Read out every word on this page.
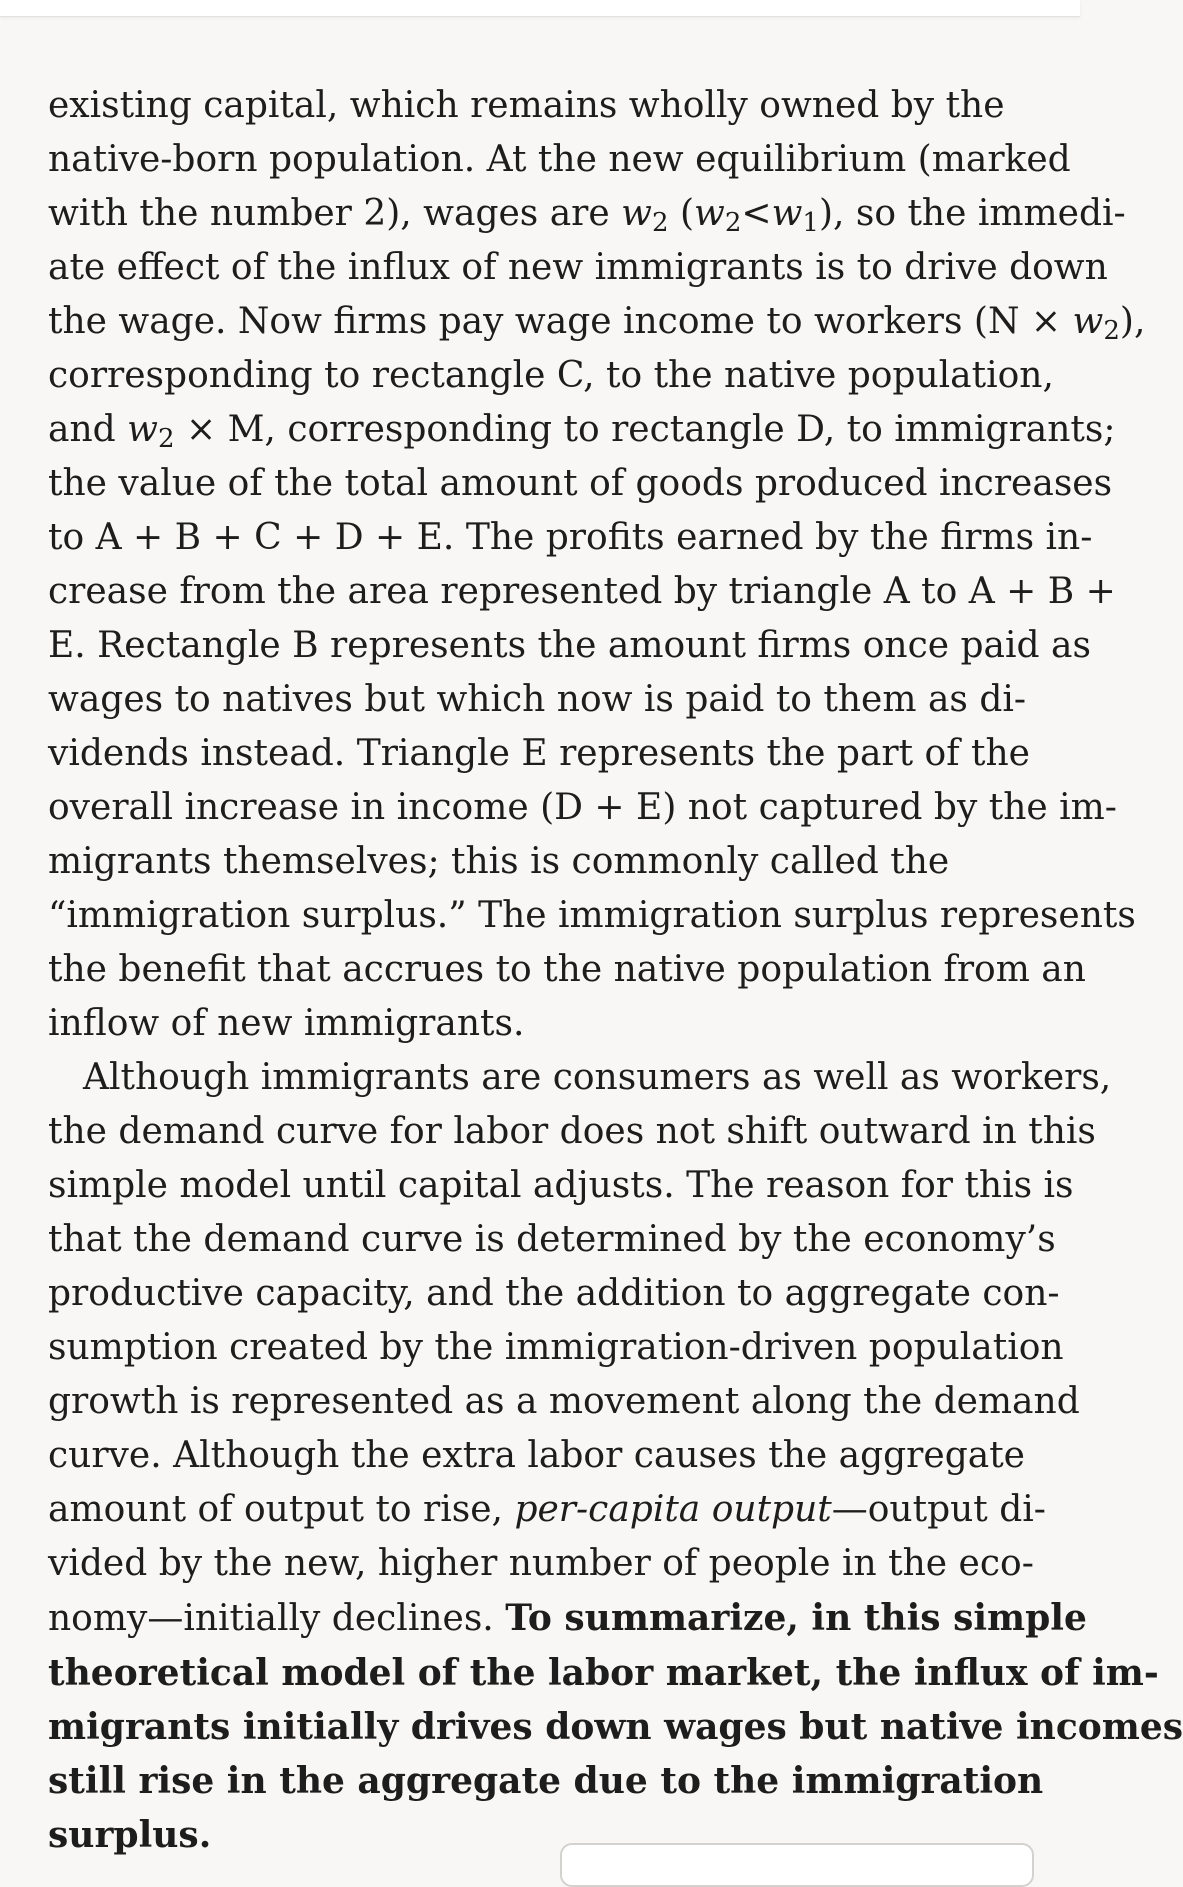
existing capital, which remains wholly owned by the
native-born population. At the new equilibrium (marked
with the number 2), wages are $w_2$ $(w_2<w_1)$, so the immedi-
ate effect of the influx of new immigrants is to drive down
the wage. Now firms pay wage income to workers $(N \times w_2)$,
corresponding to rectangle C, to the native population,
and $w_2 \times M$, corresponding to rectangle D, to immigrants;
the value of the total amount of goods produced increases
to A + B + C + D + E. The profits earned by the firms in-
crease from the area represented by triangle A to A + B +
E. Rectangle B represents the amount firms once paid as
wages to natives but which now is paid to them as di-
vidends instead. Triangle E represents the part of the
overall increase in income (D + E) not captured by the im-
migrants themselves; this is commonly called the
“immigration surplus.” The immigration surplus represents
the benefit that accrues to the native population from an
inflow of new immigrants.

Although immigrants are consumers as well as workers,
the demand curve for labor does not shift outward in this
simple model until capital adjusts. The reason for this is
that the demand curve is determined by the economy’s
productive capacity, and the addition to aggregate con-
sumption created by the immigration-driven population
growth is represented as a movement along the demand
curve. Although the extra labor causes the aggregate
amount of output to rise, per-capita output—output di-
vided by the new, higher number of people in the eco-
nomy—initially declines. To summarize, in this simple
theoretical model of the labor market, the influx of im-
migrants initially drives down wages but native incomes
still rise in the aggregate due to the immigration
surplus.
